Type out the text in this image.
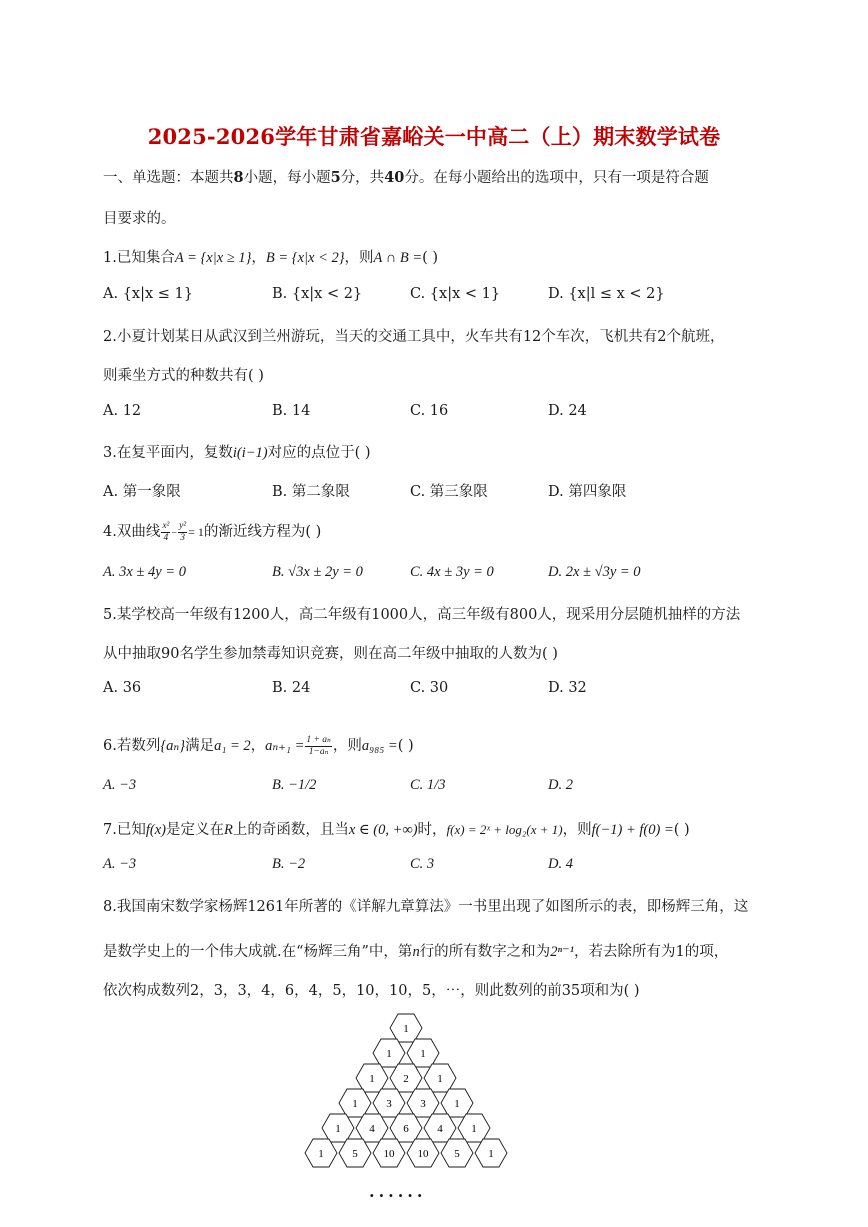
2025-2026学年甘肃省嘉峪关一中高二（上）期末数学试卷
一、单选题：本题共8小题，每小题5分，共40分。在每小题给出的选项中，只有一项是符合题
目要求的。
1.已知集合A = {x|x ≥ 1}，B = {x|x < 2}，则A ∩ B =( )
A. {x|x ≤ 1}	B. {x|x < 2}	C. {x|x < 1}	D. {x|l ≤ x < 2}
2.小夏计划某日从武汉到兰州游玩，当天的交通工具中，火车共有12个车次，飞机共有2个航班，
则乘坐方式的种数共有( )
A. 12	B. 14	C. 16	D. 24
3.在复平面内，复数i(i−1)对应的点位于( )
A. 第一象限	B. 第二象限	C. 第三象限	D. 第四象限
4.双曲线 $\frac{\text{x²}}{4} - \frac{\text{y²}}{3} = 1$的渐近线方程为( )
A. 3x ± 4y = 0	B. √3x ± 2y = 0	C. 4x ± 3y = 0	D. 2x ± √3y = 0
5.某学校高一年级有1200人，高二年级有1000人，高三年级有800人，现采用分层随机抽样的方法
从中抽取90名学生参加禁毒知识竞赛，则在高二年级中抽取的人数为( )
A. 36	B. 24	C. 30	D. 32
6.若数列{aₙ}满足a₁ = 2，$a_{n+1} = \frac{\text{1 + aₙ}}{\text{1−aₙ}}$ ，则a₉₈₅ =( )
A. −3	B. −1/2	C. 1/3	D. 2
7.已知f(x)是定义在R上的奇函数，且当x ∈ (0, +∞)时，f(x) = 2ˣ + log₂(x + 1)，则f(−1) + f(0) =( )
A. −3	B. −2	C. 3	D. 4
8.我国南宋数学家杨辉1261年所著的《详解九章算法》一书里出现了如图所示的表，即杨辉三角，这
是数学史上的一个伟大成就.在“杨辉三角”中，第n行的所有数字之和为2ⁿ⁻¹，若去除所有为1的项，
依次构成数列2，3，3，4，6，4，5，10，10，5，⋯，则此数列的前35项和为( )
1
1	1
1	2	1
1	3	3	1
1	4	6	4	1
1	5 10 10 5	1
······
